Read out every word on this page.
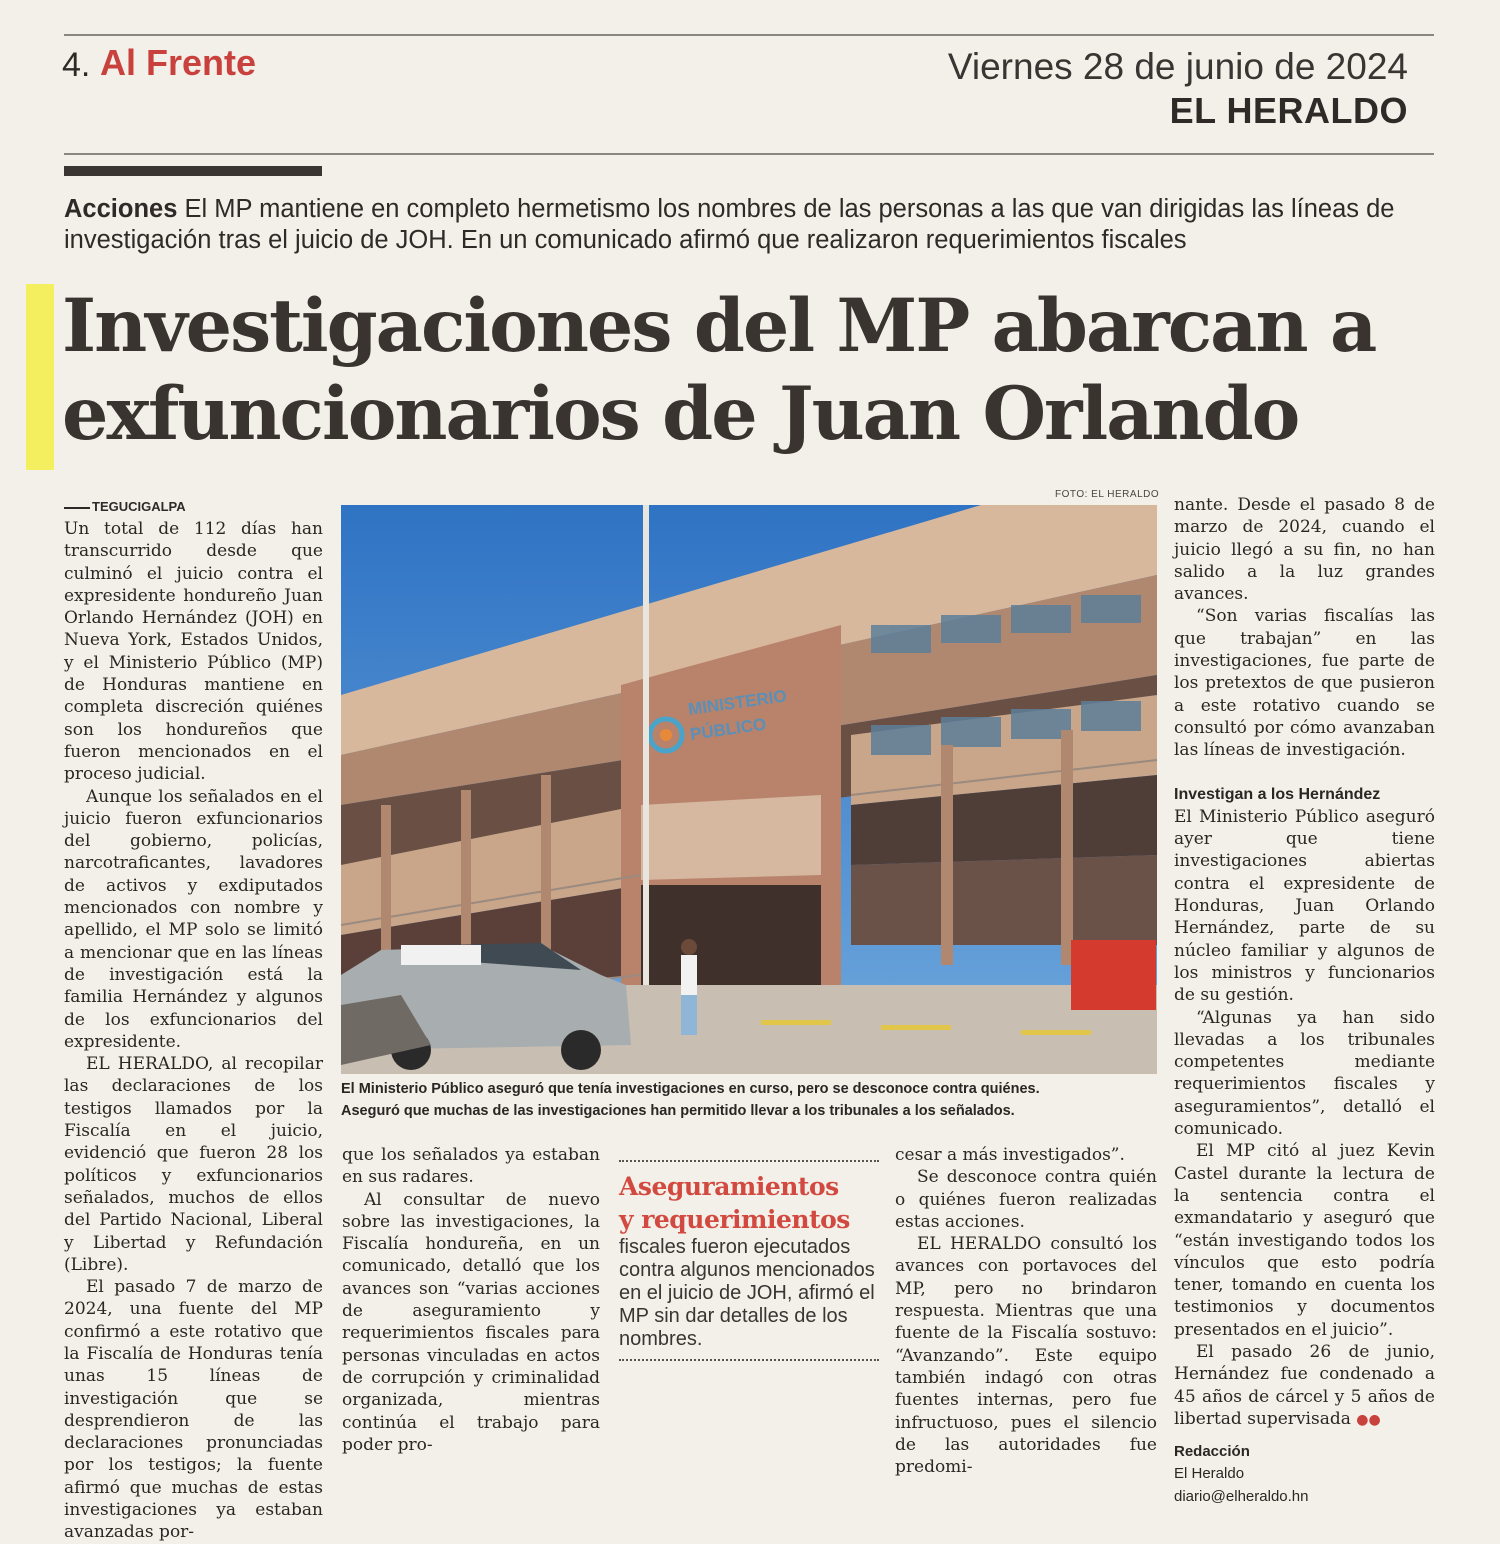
4. Al Frente	Viernes 28 de junio de 2024
EL HERALDO
Acciones El MP mantiene en completo hermetismo los nombres de las personas a las que van dirigidas las líneas de investigación tras el juicio de JOH. En un comunicado afirmó que realizaron requerimientos fiscales
Investigaciones del MP abarcan a
exfuncionarios de Juan Orlando
TEGUCIGALPA

Un total de 112 días han transcurrido desde que culminó el juicio contra el expresidente hondureño Juan Orlando Hernández (JOH) en Nueva York, Estados Unidos, y el Ministerio Público (MP) de Honduras mantiene en completa discreción quiénes son los hondureños que fueron mencionados en el proceso judicial.

Aunque los señalados en el juicio fueron exfuncionarios del gobierno, policías, narcotraficantes, lavadores de activos y exdiputados mencionados con nombre y apellido, el MP solo se limitó a mencionar que en las líneas de investigación está la familia Hernández y algunos de los exfuncionarios del expresidente.

EL HERALDO, al recopilar las declaraciones de los testigos llamados por la Fiscalía en el juicio, evidenció que fueron 28 los políticos y exfuncionarios señalados, muchos de ellos del Partido Nacional, Liberal y Libertad y Refundación (Libre).

El pasado 7 de marzo de 2024, una fuente del MP confirmó a este rotativo que la Fiscalía de Honduras tenía unas 15 líneas de investigación que se desprendieron de las declaraciones pronunciadas por los testigos; la fuente afirmó que muchas de estas investigaciones ya estaban avanzadas por-

FOTO: EL HERALDO
MINISTERIO
PÚBLICO
El Ministerio Público aseguró que tenía investigaciones en curso, pero se desconoce contra quiénes.
Aseguró que muchas de las investigaciones han permitido llevar a los tribunales a los señalados.

que los señalados ya estaban en sus radares.

Al consultar de nuevo sobre las investigaciones, la Fiscalía hondureña, en un comunicado, detalló que los avances son “varias acciones de aseguramiento y requerimientos fiscales para personas vinculadas en actos de corrupción y criminalidad organizada, mientras continúa el trabajo para poder pro-

Aseguramientos
y requerimientos
fiscales fueron ejecutados contra algunos mencionados en el juicio de JOH, afirmó el MP sin dar detalles de los nombres.

cesar a más investigados”.

Se desconoce contra quién o quiénes fueron realizadas estas acciones.

EL HERALDO consultó los avances con portavoces del MP, pero no brindaron respuesta. Mientras que una fuente de la Fiscalía sostuvo: “Avanzando”. Este equipo también indagó con otras fuentes internas, pero fue infructuoso, pues el silencio de las autoridades fue predomi-

nante. Desde el pasado 8 de marzo de 2024, cuando el juicio llegó a su fin, no han salido a la luz grandes avances.

“Son varias fiscalías las que trabajan” en las investigaciones, fue parte de los pretextos de que pusieron a este rotativo cuando se consultó por cómo avanzaban las líneas de investigación.

Investigan a los Hernández

El Ministerio Público aseguró ayer que tiene investigaciones abiertas contra el expresidente de Honduras, Juan Orlando Hernández, parte de su núcleo familiar y algunos de los ministros y funcionarios de su gestión.

“Algunas ya han sido llevadas a los tribunales competentes mediante requerimientos fiscales y aseguramientos”, detalló el comunicado.

El MP citó al juez Kevin Castel durante la lectura de la sentencia contra el exmandatario y aseguró que “están investigando todos los vínculos que esto podría tener, tomando en cuenta los testimonios y documentos presentados en el juicio”.

El pasado 26 de junio, Hernández fue condenado a 45 años de cárcel y 5 años de libertad supervisada ●●

Redacción
El Heraldo
diario@elheraldo.hn
